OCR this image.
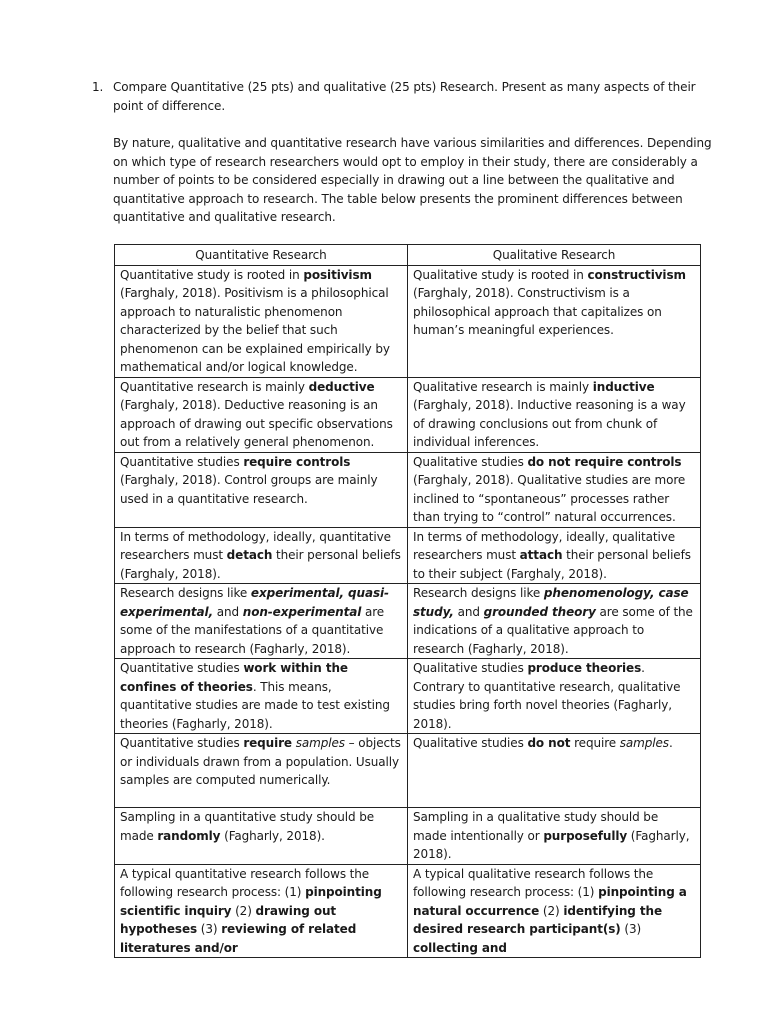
1. Compare Quantitative (25 pts) and qualitative (25 pts) Research. Present as many aspects of their point of difference.
By nature, qualitative and quantitative research have various similarities and differences. Depending on which type of research researchers would opt to employ in their study, there are considerably a number of points to be considered especially in drawing out a line between the qualitative and quantitative approach to research. The table below presents the prominent differences between quantitative and qualitative research.
Quantitative Research	Qualitative Research
Quantitative study is rooted in positivism (Farghaly, 2018). Positivism is a philosophical approach to naturalistic phenomenon characterized by the belief that such phenomenon can be explained empirically by mathematical and/or logical knowledge.	Qualitative study is rooted in constructivism (Farghaly, 2018). Constructivism is a philosophical approach that capitalizes on human’s meaningful experiences.
Quantitative research is mainly deductive (Farghaly, 2018). Deductive reasoning is an approach of drawing out specific observations out from a relatively general phenomenon.	Qualitative research is mainly inductive (Farghaly, 2018). Inductive reasoning is a way of drawing conclusions out from chunk of individual inferences.
Quantitative studies require controls (Farghaly, 2018). Control groups are mainly used in a quantitative research.	Qualitative studies do not require controls (Farghaly, 2018). Qualitative studies are more inclined to “spontaneous” processes rather than trying to “control” natural occurrences.
In terms of methodology, ideally, quantitative researchers must detach their personal beliefs (Farghaly, 2018).	In terms of methodology, ideally, qualitative researchers must attach their personal beliefs to their subject (Farghaly, 2018).
Research designs like experimental, quasi-experimental, and non-experimental are some of the manifestations of a quantitative approach to research (Fagharly, 2018).	Research designs like phenomenology, case study, and grounded theory are some of the indications of a qualitative approach to research (Fagharly, 2018).
Quantitative studies work within the confines of theories. This means, quantitative studies are made to test existing theories (Fagharly, 2018).	Qualitative studies produce theories. Contrary to quantitative research, qualitative studies bring forth novel theories (Fagharly, 2018).
Quantitative studies require samples – objects or individuals drawn from a population. Usually samples are computed numerically.	Qualitative studies do not require samples.
Sampling in a quantitative study should be made randomly (Fagharly, 2018).	Sampling in a qualitative study should be made intentionally or purposefully (Fagharly, 2018).
A typical quantitative research follows the following research process: (1) pinpointing scientific inquiry (2) drawing out hypotheses (3) reviewing of related literatures and/or	A typical qualitative research follows the following research process: (1) pinpointing a natural occurrence (2) identifying the desired research participant(s) (3) collecting and
